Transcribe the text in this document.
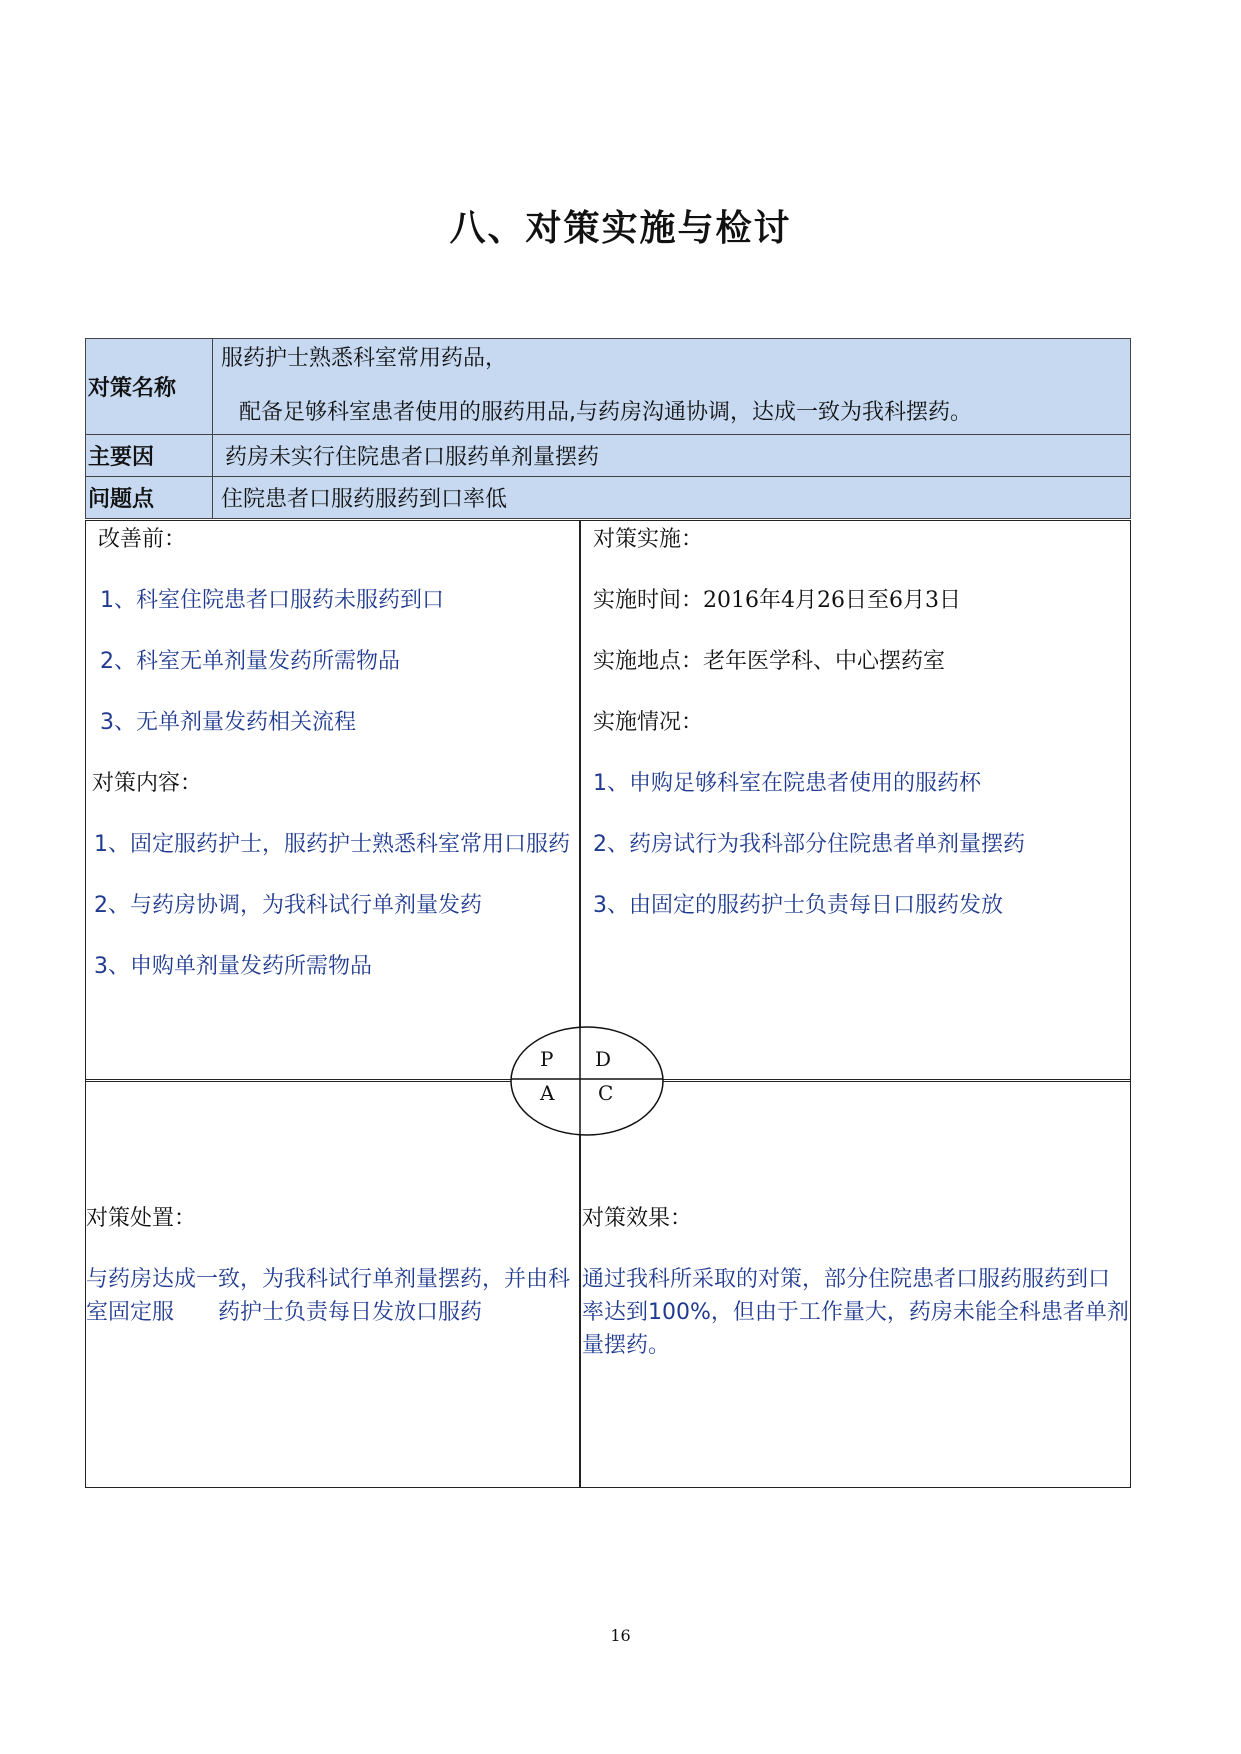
八、对策实施与检讨
对策名称	服药护士熟悉科室常用药品，
配备足够科室患者使用的服药用品,与药房沟通协调，达成一致为我科摆药。

主要因	药房未实行住院患者口服药单剂量摆药
问题点	住院患者口服药服药到口率低

改善前：

1、科室住院患者口服药未服药到口

2、科室无单剂量发药所需物品

3、无单剂量发药相关流程

对策内容：

1、固定服药护士，服药护士熟悉科室常用口服药

2、与药房协调，为我科试行单剂量发药

3、申购单剂量发药所需物品

对策实施：

实施时间：2016年4月26日至6月3日

实施地点：老年医学科、中心摆药室

实施情况：

1、申购足够科室在院患者使用的服药杯

2、药房试行为我科部分住院患者单剂量摆药

3、由固定的服药护士负责每日口服药发放

对策处置：

与药房达成一致，为我科试行单剂量摆药，并由科室固定服　　药护士负责每日发放口服药

对策效果：

通过我科所采取的对策，部分住院患者口服药服药到口率达到100%，但由于工作量大，药房未能全科患者单剂量摆药。

P D
A C
16
